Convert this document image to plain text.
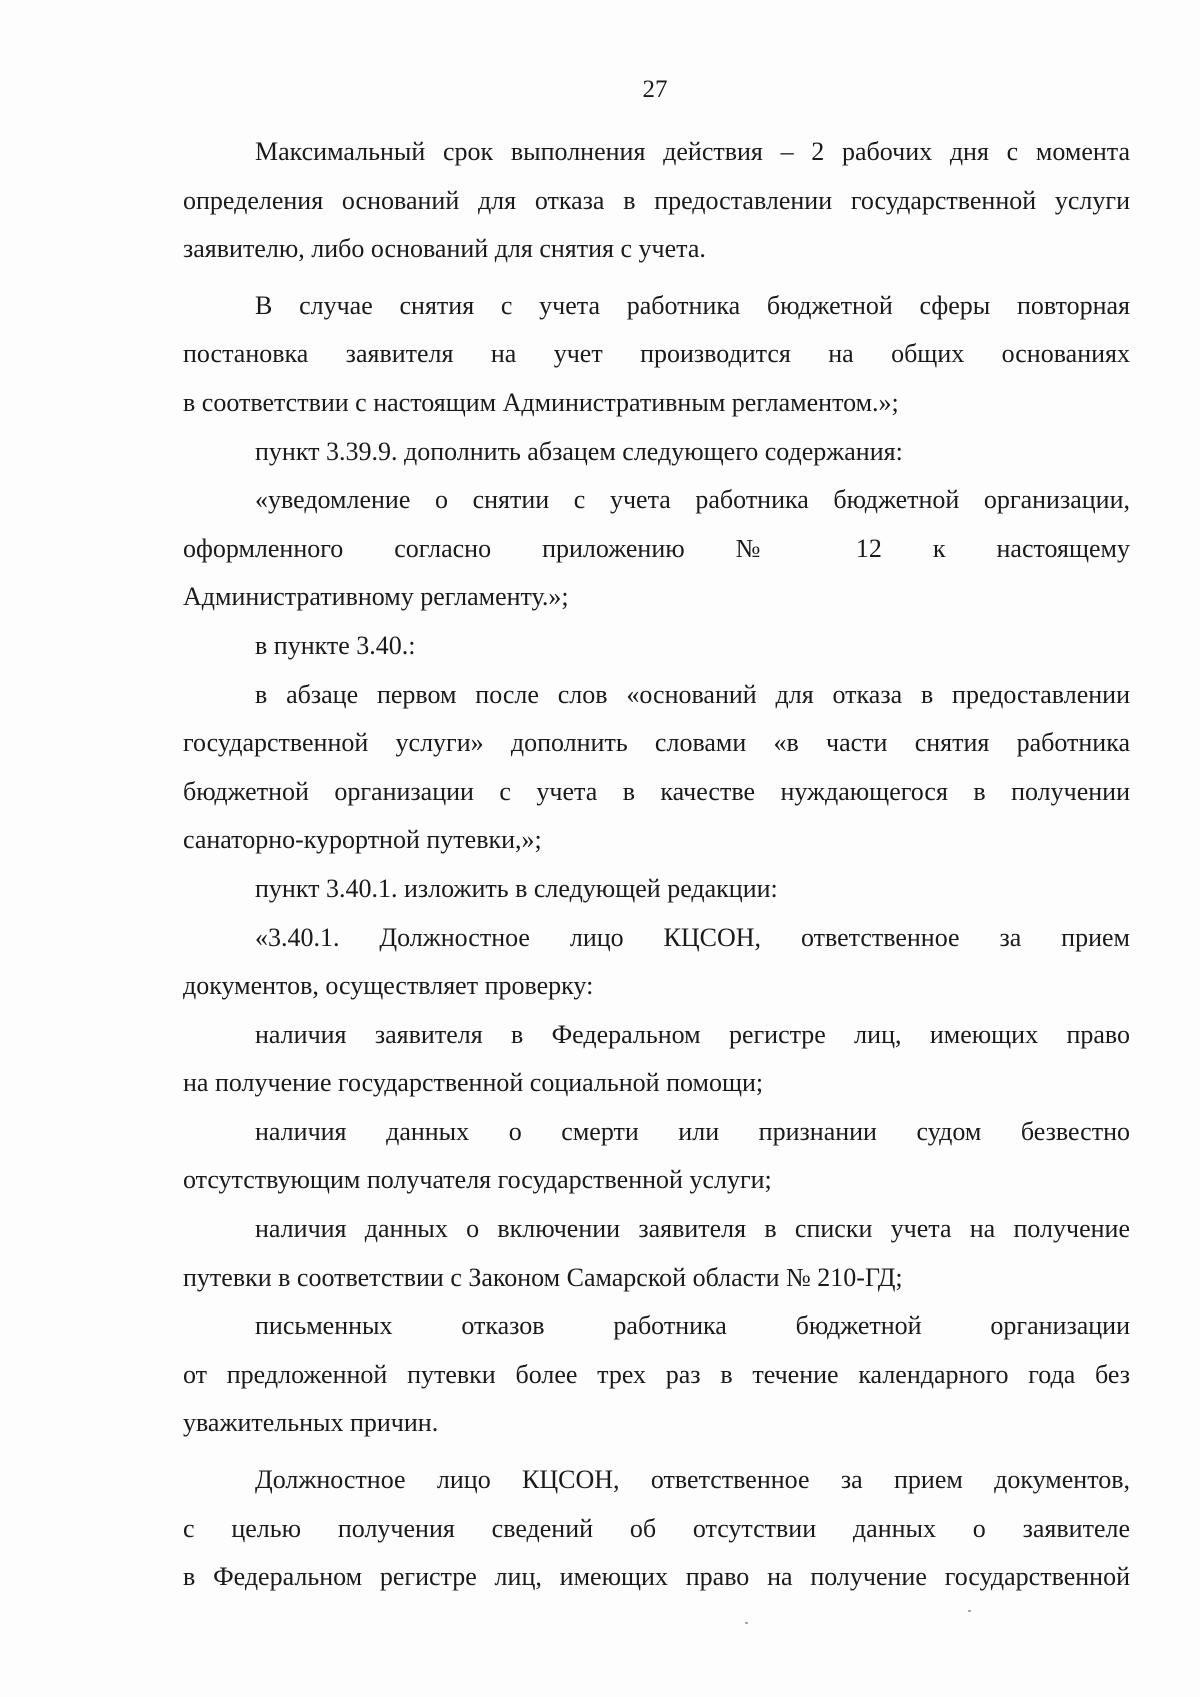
27
Максимальный срок выполнения действия – 2 рабочих дня с момента
определения оснований для отказа в предоставлении государственной услуги
заявителю, либо оснований для снятия с учета.
В случае снятия с учета работника бюджетной сферы повторная
постановка заявителя на учет производится на общих основаниях
в соответствии с настоящим Административным регламентом.»;
пункт 3.39.9. дополнить абзацем следующего содержания:
«уведомление о снятии с учета работника бюджетной организации,
оформленного согласно приложению № 12 к настоящему
Административному регламенту.»;
в пункте 3.40.:
в абзаце первом после слов «оснований для отказа в предоставлении
государственной услуги» дополнить словами «в части снятия работника
бюджетной организации с учета в качестве нуждающегося в получении
санаторно-курортной путевки,»;
пункт 3.40.1. изложить в следующей редакции:
«3.40.1. Должностное лицо КЦСОН, ответственное за прием
документов, осуществляет проверку:
наличия заявителя в Федеральном регистре лиц, имеющих право
на получение государственной социальной помощи;
наличия данных о смерти или признании судом безвестно
отсутствующим получателя государственной услуги;
наличия данных о включении заявителя в списки учета на получение
путевки в соответствии с Законом Самарской области № 210-ГД;
письменных отказов работника бюджетной организации
от предложенной путевки более трех раз в течение календарного года без
уважительных причин.
Должностное лицо КЦСОН, ответственное за прием документов,
с целью получения сведений об отсутствии данных о заявителе
в Федеральном регистре лиц, имеющих право на получение государственной
